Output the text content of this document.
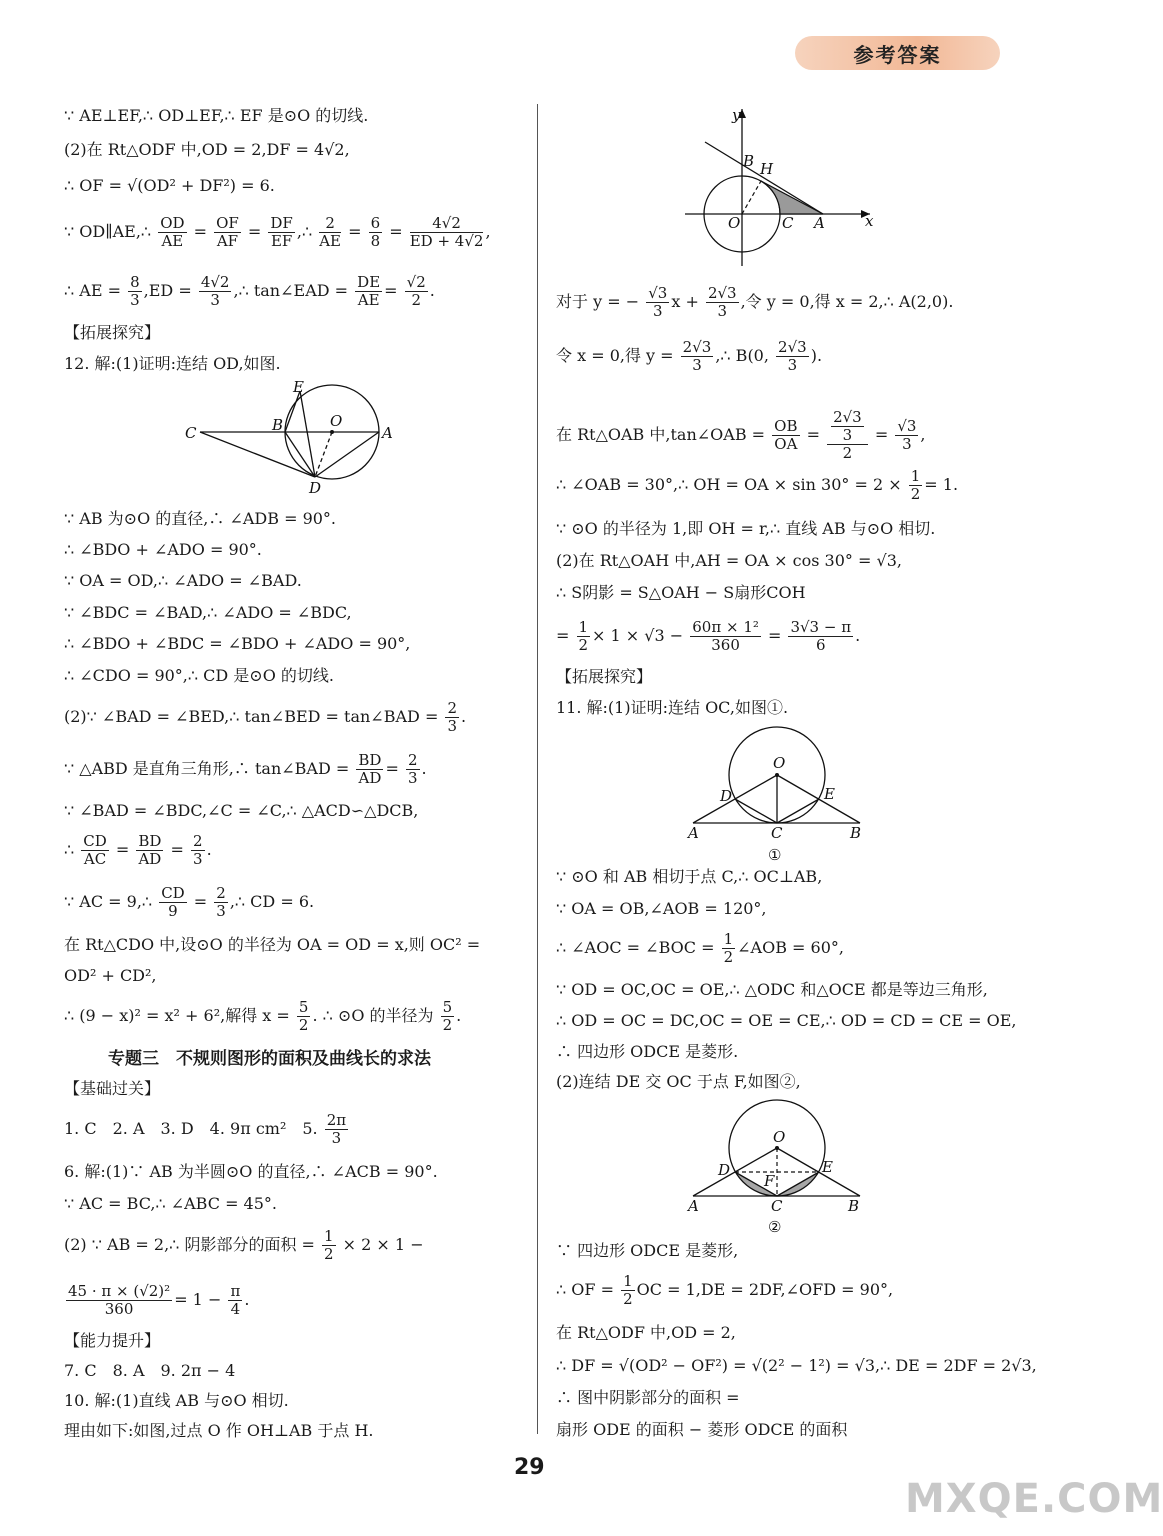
参考答案
∵ AE⊥EF,∴ OD⊥EF,∴ EF 是⊙O 的切线.
(2)在 Rt△ODF 中,OD = 2,DF = 4√2,
∴ OF = √(OD² + DF²) = 6.
∵ OD∥AE,∴ $\frac{OD}{AE} = \frac{OF}{AF} = \frac{DF}{EF}$ ,∴ $\frac{2}{AE} = \frac{6}{8} = \frac{4√2}{ED + 4√2}$ ,
∴ AE = $\frac{8}{3} ,ED = \frac{4√2}{3}$ ,∴ tan∠EAD = $\frac{DE}{AE} = \frac{√2}{2}$ .
【拓展探究】
12. 解:(1)证明:连结 OD,如图.
C	B
E
O
A
D
∵ AB 为⊙O 的直径,∴ ∠ADB = 90°.
∴ ∠BDO + ∠ADO = 90°.
∵ OA = OD,∴ ∠ADO = ∠BAD.
∵ ∠BDC = ∠BAD,∴ ∠ADO = ∠BDC,
∴ ∠BDO + ∠BDC = ∠BDO + ∠ADO = 90°,
∴ ∠CDO = 90°,∴ CD 是⊙O 的切线.
(2)∵ ∠BAD = ∠BED,∴ tan∠BED = tan∠BAD = $\frac{2}{3}$ .
∵ △ABD 是直角三角形,∴ tan∠BAD = $\frac{BD}{AD} = \frac{2}{3}$ .
∵ ∠BAD = ∠BDC,∠C = ∠C,∴ △ACD∽△DCB,
∴ $\frac{CD}{AC} = \frac{BD}{AD} = \frac{2}{3}$ .
∵ AC = 9,∴ $\frac{CD}{9} = \frac{2}{3}$ ,∴ CD = 6.
在 Rt△CDO 中,设⊙O 的半径为 OA = OD = x,则 OC² =
OD² + CD²,
∴ (9 − x)² = x² + 6²,解得 $x = \frac{5}{2}$ . ∴ ⊙O 的半径为 $\frac{5}{2}$ .
专题三　不规则图形的面积及曲线长的求法
【基础过关】
1. C　2. A　3. D　4. 9π cm²　5. $\frac{2\pi}{3}$
6. 解:(1)∵ AB 为半圆⊙O 的直径,∴ ∠ACB = 90°.
∵ AC = BC,∴ ∠ABC = 45°.
(2) ∵ AB = 2,∴ 阴影部分的面积 = $\frac{1}{2} \times 2 \times 1$ −
$\frac{\text{45 · π × (√2)²}}{360} = 1 - \frac{\pi}{4}$ .
【能力提升】
7. C　8. A　9. 2π − 4
10. 解:(1)直线 AB 与⊙O 相切.
理由如下:如图,过点 O 作 OH⊥AB 于点 H.
y
x
B H
O	C A
对于 y = − $\frac{√3}{3}$ $x + \frac{2√3}{3}$ ,令 y = 0,得 x = 2,∴ A(2,0).
令 x = 0,得 $y = \frac{2√3}{3}$ ,∴ B(0, $\frac{2√3}{3}$ ).
在 Rt△OAB 中,tan∠OAB = $\frac{OB}{OA} = \frac{\frac{2√3}{3}}{2} = \frac{√3}{3}$ ,
∴ ∠OAB = 30°,∴ OH = OA × $\sin 30^\circ = 2 \times \frac{1}{2} = 1$.
∵ ⊙O 的半径为 1,即 OH = r,∴ 直线 AB 与⊙O 相切.
(2)在 Rt△OAH 中,AH = OA × cos 30° = √3,
∴ S阴影 = S△OAH − S扇形COH
= $\frac{1}{2} \times 1 \times √3 - \frac{\text{60π × 1²}}{360} = \frac{3√3 - \pi}{6}$ .
【拓展探究】
11. 解:(1)证明:连结 OC,如图①.
O
D	E
A	C	B
①
∵ ⊙O 和 AB 相切于点 C,∴ OC⊥AB,
∵ OA = OB,∠AOB = 120°,
∴ ∠AOC = ∠BOC = $\frac{1}{2}$ ∠AOB = 60°,
∵ OD = OC,OC = OE,∴ △ODC 和△OCE 都是等边三角形,
∴ OD = OC = DC,OC = OE = CE,∴ OD = CD = CE = OE,
∴ 四边形 ODCE 是菱形.
(2)连结 DE 交 OC 于点 F,如图②,
O
D	E
F
A	C	B
②
∵ 四边形 ODCE 是菱形,
∴ OF = $\frac{1}{2}$ OC = 1,DE = 2DF,∠OFD = 90°,
在 Rt△ODF 中,OD = 2,
∴ DF = √(OD² − OF²) = √(2² − 1²) = √3,∴ DE = 2DF = 2√3,
∴ 图中阴影部分的面积 =
扇形 ODE 的面积 − 菱形 ODCE 的面积
29
MXQE.COM
